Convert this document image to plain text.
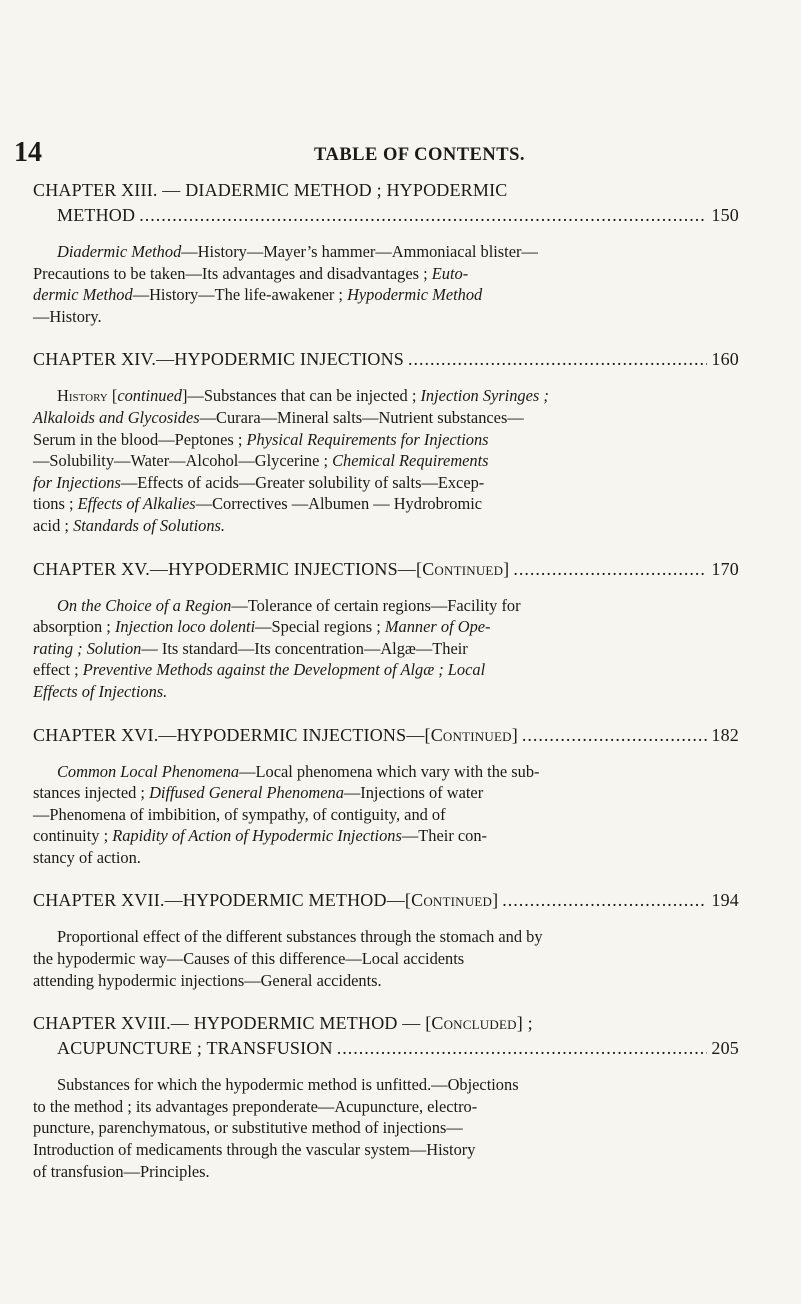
14	TABLE OF CONTENTS.
CHAPTER XIII. — DIADERMIC METHOD ; HYPODERMIC
METHOD .....	150
Diadermic Method—History—Mayer’s hammer—Ammoniacal blister—
Precautions to be taken—Its advantages and disadvantages ; Euto-
dermic Method—History—The life-awakener ; Hypodermic Method
—History.
CHAPTER XIV.—HYPODERMIC INJECTIONS .....	160
History [continued]—Substances that can be injected ; Injection Syringes ;
Alkaloids and Glycosides—Curara—Mineral salts—Nutrient substances—
Serum in the blood—Peptones ; Physical Requirements for Injections
—Solubility—Water—Alcohol—Glycerine ; Chemical Requirements
for Injections—Effects of acids—Greater solubility of salts—Excep-
tions ; Effects of Alkalies—Correctives —Albumen — Hydrobromic
acid ; Standards of Solutions.
CHAPTER XV.—HYPODERMIC INJECTIONS—[Continued] .....	170
On the Choice of a Region—Tolerance of certain regions—Facility for
absorption ; Injection loco dolenti—Special regions ; Manner of Ope-
rating ; Solution— Its standard—Its concentration—Algæ—Their
effect ; Preventive Methods against the Development of Algæ ; Local
Effects of Injections.
CHAPTER XVI.—HYPODERMIC INJECTIONS—[Continued] .....	182
Common Local Phenomena—Local phenomena which vary with the sub-
stances injected ; Diffused General Phenomena—Injections of water
—Phenomena of imbibition, of sympathy, of contiguity, and of
continuity ; Rapidity of Action of Hypodermic Injections—Their con-
stancy of action.
CHAPTER XVII.—HYPODERMIC METHOD—[Continued] .....	194
Proportional effect of the different substances through the stomach and by
the hypodermic way—Causes of this difference—Local accidents
attending hypodermic injections—General accidents.
CHAPTER XVIII.— HYPODERMIC METHOD — [Concluded] ;
ACUPUNCTURE ; TRANSFUSION .....	205
Substances for which the hypodermic method is unfitted.—Objections
to the method ; its advantages preponderate—Acupuncture, electro-
puncture, parenchymatous, or substitutive method of injections—
Introduction of medicaments through the vascular system—History
of transfusion—Principles.
